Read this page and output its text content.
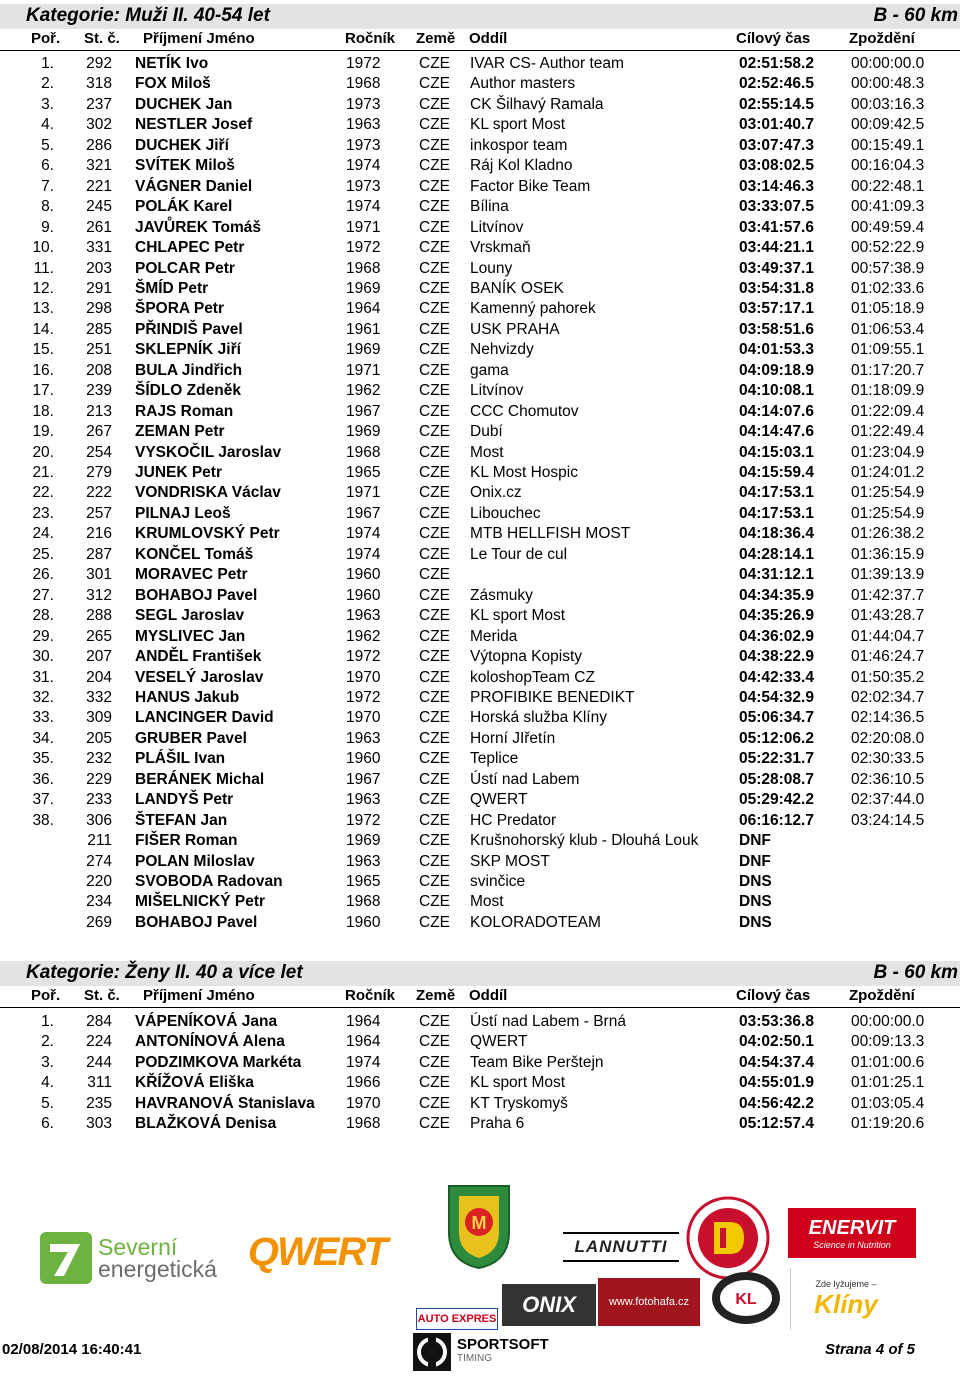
Kategorie: Muži II. 40-54 let	B - 60 km
Poř. St. č. Příjmení Jméno	Ročník Země Oddíl	Cílový čas	Zpoždění
1.	292 NETÍK Ivo	1972 CZE IVAR CS- Author team	02:51:58.2 00:00:00.0
2.	318 FOX Miloš	1968 CZE Author masters	02:52:46.5 00:00:48.3
3.	237 DUCHEK Jan	1973 CZE CK Šilhavý Ramala	02:55:14.5 00:03:16.3
4.	302 NESTLER Josef	1963 CZE KL sport Most	03:01:40.7 00:09:42.5
5.	286 DUCHEK Jiří	1973 CZE inkospor team	03:07:47.3 00:15:49.1
6.	321 SVÍTEK Miloš	1974 CZE Ráj Kol Kladno	03:08:02.5 00:16:04.3
7.	221 VÁGNER Daniel	1973 CZE Factor Bike Team	03:14:46.3 00:22:48.1
8.	245 POLÁK Karel	1974 CZE Bílina	03:33:07.5 00:41:09.3
9.	261 JAVŮREK Tomáš	1971 CZE Litvínov	03:41:57.6 00:49:59.4
10.	331 CHLAPEC Petr	1972 CZE Vrskmaň	03:44:21.1 00:52:22.9
11.	203 POLCAR Petr	1968 CZE Louny	03:49:37.1 00:57:38.9
12.	291 ŠMÍD Petr	1969 CZE BANÍK OSEK	03:54:31.8 01:02:33.6
13.	298 ŠPORA Petr	1964 CZE Kamenný pahorek	03:57:17.1 01:05:18.9
14.	285 PŘINDIŠ Pavel	1961 CZE USK PRAHA	03:58:51.6 01:06:53.4
15.	251 SKLEPNÍK Jiří	1969 CZE Nehvizdy	04:01:53.3 01:09:55.1
16.	208 BULA Jindřich	1971 CZE gama	04:09:18.9 01:17:20.7
17.	239 ŠÍDLO Zdeněk	1962 CZE Litvínov	04:10:08.1 01:18:09.9
18.	213 RAJS Roman	1967 CZE CCC Chomutov	04:14:07.6 01:22:09.4
19.	267 ZEMAN Petr	1969 CZE Dubí	04:14:47.6 01:22:49.4
20.	254 VYSKOČIL Jaroslav	1968 CZE Most	04:15:03.1 01:23:04.9
21.	279 JUNEK Petr	1965 CZE KL Most Hospic	04:15:59.4 01:24:01.2
22.	222 VONDRISKA Václav	1971 CZE Onix.cz	04:17:53.1 01:25:54.9
23.	257 PILNAJ Leoš	1967 CZE Libouchec	04:17:53.1 01:25:54.9
24.	216 KRUMLOVSKÝ Petr	1974 CZE MTB HELLFISH MOST	04:18:36.4 01:26:38.2
25.	287 KONČEL Tomáš	1974 CZE Le Tour de cul	04:28:14.1 01:36:15.9
26.	301 MORAVEC Petr	1960 CZE	04:31:12.1 01:39:13.9
27.	312 BOHABOJ Pavel	1960 CZE Zásmuky	04:34:35.9 01:42:37.7
28.	288 SEGL Jaroslav	1963 CZE KL sport Most	04:35:26.9 01:43:28.7
29.	265 MYSLIVEC Jan	1962 CZE Merida	04:36:02.9 01:44:04.7
30.	207 ANDĚL František	1972 CZE Výtopna Kopisty	04:38:22.9 01:46:24.7
31.	204 VESELÝ Jaroslav	1970 CZE koloshopTeam CZ	04:42:33.4 01:50:35.2
32.	332 HANUS Jakub	1972 CZE PROFIBIKE BENEDIKT	04:54:32.9 02:02:34.7
33.	309 LANCINGER David	1970 CZE Horská služba Klíny	05:06:34.7 02:14:36.5
34.	205 GRUBER Pavel	1963 CZE Horní JIřetín	05:12:06.2 02:20:08.0
35.	232 PLÁŠIL Ivan	1960 CZE Teplice	05:22:31.7 02:30:33.5
36.	229 BERÁNEK Michal	1967 CZE Ústí nad Labem	05:28:08.7 02:36:10.5
37.	233 LANDYŠ Petr	1963 CZE QWERT	05:29:42.2 02:37:44.0
38.	306 ŠTEFAN Jan	1972 CZE HC Predator	06:16:12.7 03:24:14.5
211 FIŠER Roman	1969 CZE Krušnohorský klub - Dlouhá Louk	DNF
274 POLAN Miloslav	1963 CZE SKP MOST	DNF
220 SVOBODA Radovan	1965 CZE svinčice	DNS
234 MIŠELNICKÝ Petr	1968 CZE Most	DNS
269 BOHABOJ Pavel	1960 CZE KOLORADOTEAM	DNS
Kategorie: Ženy II. 40 a více let	B - 60 km
Poř. St. č. Příjmení Jméno	Ročník Země Oddíl	Cílový čas	Zpoždění
1.	284 VÁPENÍKOVÁ Jana	1964 CZE Ústí nad Labem - Brná	03:53:36.8 00:00:00.0
2.	224 ANTONÍNOVÁ Alena	1964 CZE QWERT	04:02:50.1 00:09:13.3
3.	244 PODZIMKOVA Markéta	1974 CZE Team Bike Perštejn	04:54:37.4 01:01:00.6
4.	311 KŘÍŽOVÁ Eliška	1966 CZE KL sport Most	04:55:01.9 01:01:25.1
5.	235 HAVRANOVÁ Stanislava 1970 CZE KT Tryskomyš	04:56:42.2 01:03:05.4
6.	303 BLAŽKOVÁ Denisa	1968 CZE Praha 6	05:12:57.4 01:19:20.6
Severní
energetická QWERT
M
LANNUTTI
ENERVIT
Science in Nutrition
AUTO EXPRES
ONIX	www.fotohafa.cz	KL
Zde lyžujeme –
Klíny
SPORTSOFT
TIMING
02/08/2014 16:40:41	Strana 4 of 5
